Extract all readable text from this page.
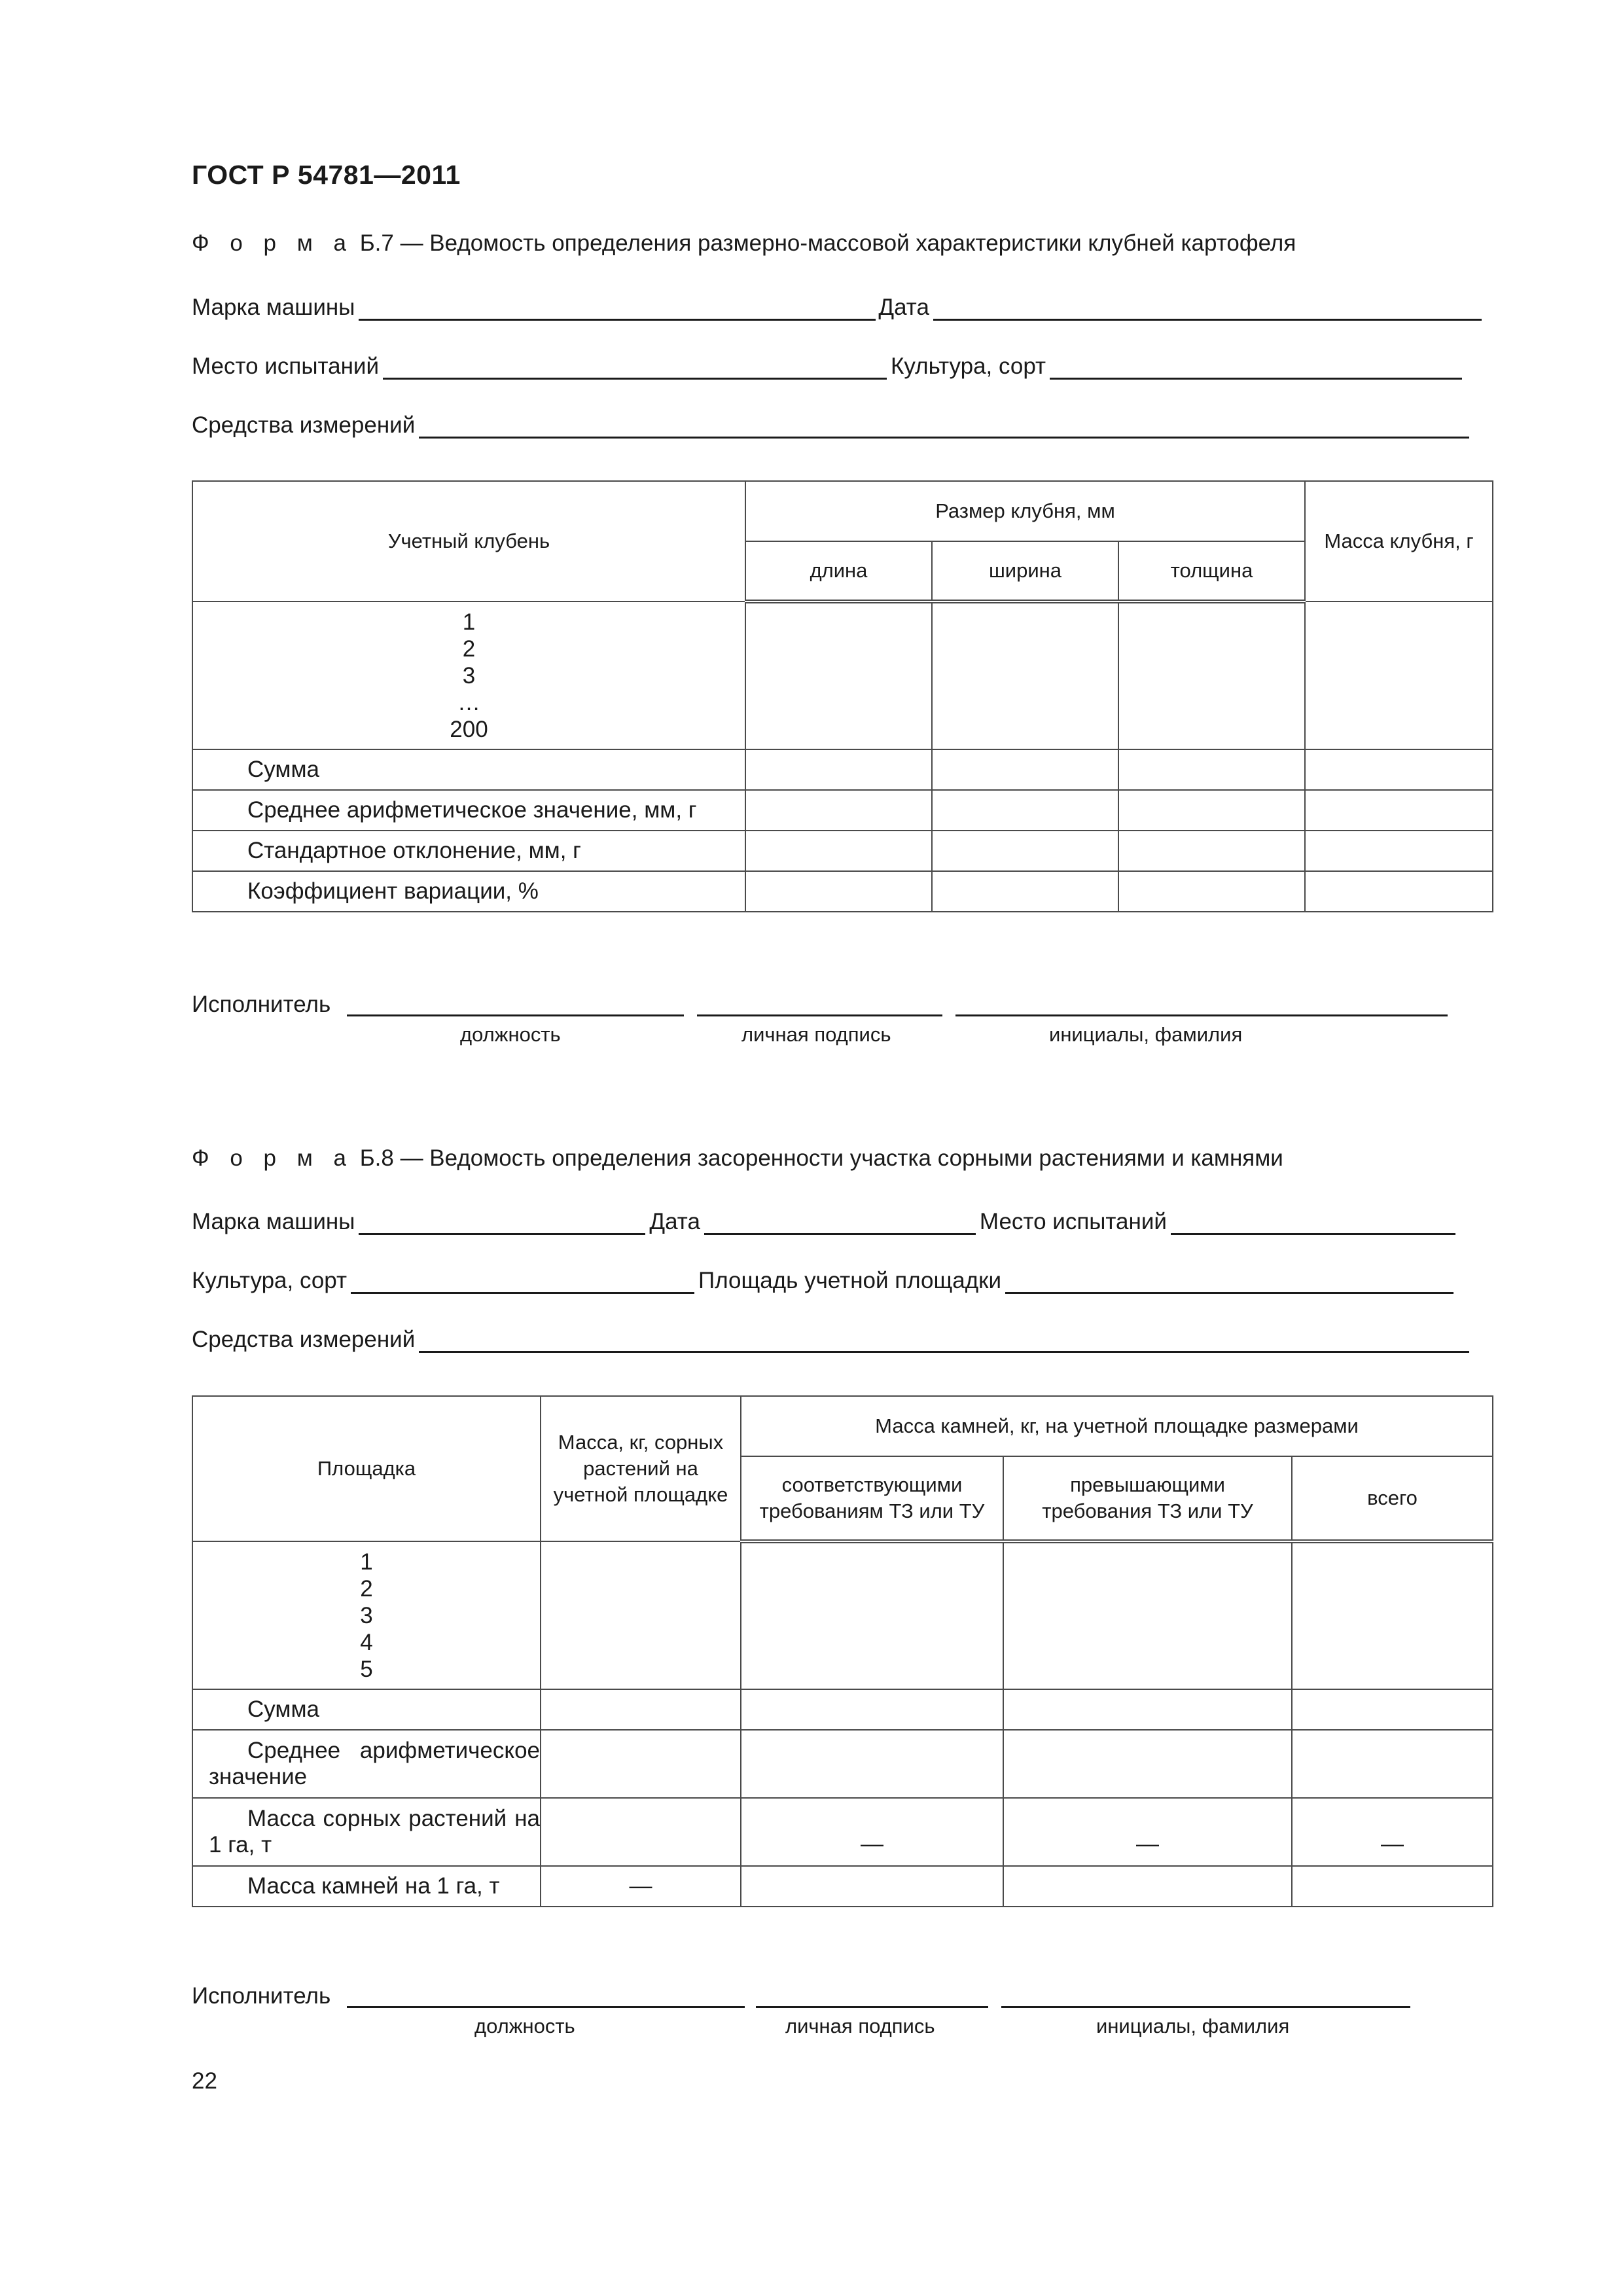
ГОСТ Р 54781—2011
Ф о р м а Б.7 — Ведомость определения размерно-массовой характеристики клубней картофеля
Марка машины	Дата
Место испытаний	Культура, сорт
Средства измерений
Учетный клубень	Размер клубня, мм			Масса клубня, г
	длина	ширина	толщина	

1
2
3
…
200				

Сумма				
Среднее арифметическое значение, мм, г				
Стандартное отклонение, мм, г				
Коэффициент вариации, %				
Исполнитель
должность	личная подпись	инициалы, фамилия
Ф о р м а Б.8 — Ведомость определения засоренности участка сорными растениями и камнями
Марка машины	Дата	Место испытаний
Культура, сорт	Площадь учетной площадки
Средства измерений
Площадка	Масса, кг, сорных растений на учетной площадке	Масса камней, кг, на учетной площадке размерами		
		соответствующими требованиям ТЗ или ТУ	превышающими требования ТЗ или ТУ	всего

1
2
3
4
5				

Сумма				
Среднее арифметическое значение				
Масса сорных растений на 1 га, т		—	—	—
Масса камней на 1 га, т	—			
Исполнитель
должность	личная подпись	инициалы, фамилия
22
